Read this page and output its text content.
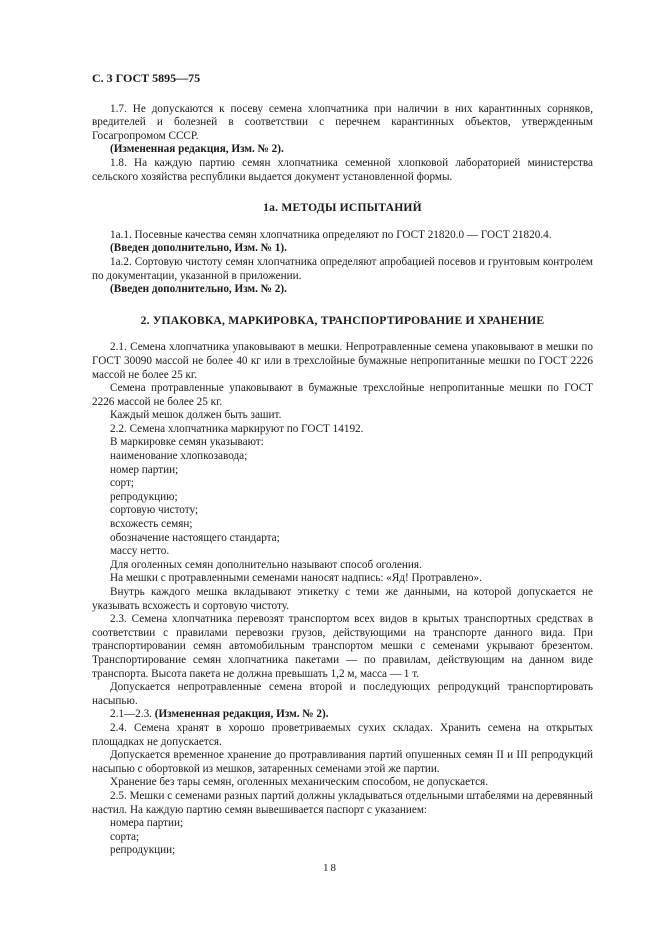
С. 3 ГОСТ 5895—75

1.7. Не допускаются к посеву семена хлопчатника при наличии в них карантинных сорняков, вредителей и болезней в соответствии с перечнем карантинных объектов, утвержденным Госагропромом СССР.

(Измененная редакция, Изм. № 2).

1.8. На каждую партию семян хлопчатника семенной хлопковой лабораторией министерства сельского хозяйства республики выдается документ установленной формы.

1а. МЕТОДЫ ИСПЫТАНИЙ

1а.1. Посевные качества семян хлопчатника определяют по ГОСТ 21820.0 — ГОСТ 21820.4.

(Введен дополнительно, Изм. № 1).

1а.2. Сортовую чистоту семян хлопчатника определяют апробацией посевов и грунтовым контролем по документации, указанной в приложении.

(Введен дополнительно, Изм. № 2).

2. УПАКОВКА, МАРКИРОВКА, ТРАНСПОРТИРОВАНИЕ И ХРАНЕНИЕ

2.1. Семена хлопчатника упаковывают в мешки. Непротравленные семена упаковывают в мешки по ГОСТ 30090 массой не более 40 кг или в трехслойные бумажные непропитанные мешки по ГОСТ 2226 массой не более 25 кг.

Семена протравленные упаковывают в бумажные трехслойные непропитанные мешки по ГОСТ 2226 массой не более 25 кг.

Каждый мешок должен быть зашит.

2.2. Семена хлопчатника маркируют по ГОСТ 14192.

В маркировке семян указывают:

наименование хлопкозавода;
номер партии;
сорт;
репродукцию;
сортовую чистоту;
всхожесть семян;
обозначение настоящего стандарта;
массу нетто.

Для оголенных семян дополнительно называют способ оголения.

На мешки с протравленными семенами наносят надпись: «Яд! Протравлено».

Внутрь каждого мешка вкладывают этикетку с теми же данными, на которой допускается не указывать всхожесть и сортовую чистоту.

2.3. Семена хлопчатника перевозят транспортом всех видов в крытых транспортных средствах в соответствии с правилами перевозки грузов, действующими на транспорте данного вида. При транспортировании семян автомобильным транспортом мешки с семенами укрывают брезентом. Транспортирование семян хлопчатника пакетами — по правилам, действующим на данном виде транспорта. Высота пакета не должна превышать 1,2 м, масса — 1 т.

Допускается непротравленные семена второй и последующих репродукций транспортировать насыпью.

2.1—2.3. (Измененная редакция, Изм. № 2).

2.4. Семена хранят в хорошо проветриваемых сухих складах. Хранить семена на открытых площадках не допускается.

Допускается временное хранение до протравливания партий опушенных семян II и III репродукций насыпью с обортовкой из мешков, затаренных семенами этой же партии.

Хранение без тары семян, оголенных механическим способом, не допускается.

2.5. Мешки с семенами разных партий должны укладываться отдельными штабелями на деревянный настил. На каждую партию семян вывешивается паспорт с указанием:

номера партии;
сорта;
репродукции;
18
